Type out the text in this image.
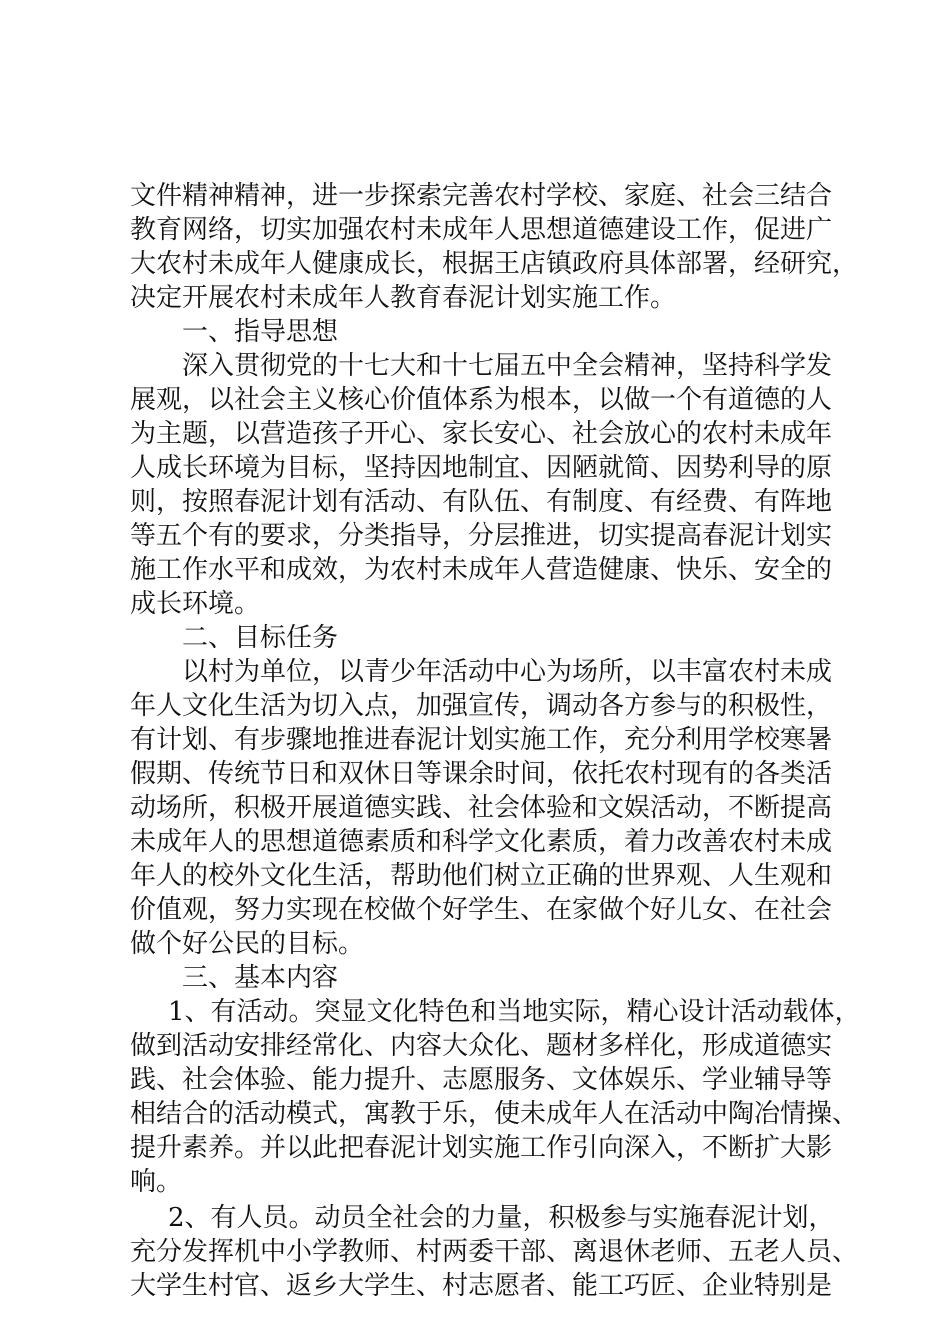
文件精神精神，进一步探索完善农村学校、家庭、社会三结合
教育网络，切实加强农村未成年人思想道德建设工作，促进广
大农村未成年人健康成长，根据王店镇政府具体部署，经研究，
决定开展农村未成年人教育春泥计划实施工作。
一、指导思想
深入贯彻党的十七大和十七届五中全会精神，坚持科学发
展观，以社会主义核心价值体系为根本，以做一个有道德的人
为主题，以营造孩子开心、家长安心、社会放心的农村未成年
人成长环境为目标，坚持因地制宜、因陋就简、因势利导的原
则，按照春泥计划有活动、有队伍、有制度、有经费、有阵地
等五个有的要求，分类指导，分层推进，切实提高春泥计划实
施工作水平和成效，为农村未成年人营造健康、快乐、安全的
成长环境。
二、目标任务
以村为单位，以青少年活动中心为场所，以丰富农村未成
年人文化生活为切入点，加强宣传，调动各方参与的积极性，
有计划、有步骤地推进春泥计划实施工作，充分利用学校寒暑
假期、传统节日和双休日等课余时间，依托农村现有的各类活
动场所，积极开展道德实践、社会体验和文娱活动，不断提高
未成年人的思想道德素质和科学文化素质，着力改善农村未成
年人的校外文化生活，帮助他们树立正确的世界观、人生观和
价值观，努力实现在校做个好学生、在家做个好儿女、在社会
做个好公民的目标。
三、基本内容
1、有活动。突显文化特色和当地实际，精心设计活动载体，
做到活动安排经常化、内容大众化、题材多样化，形成道德实
践、社会体验、能力提升、志愿服务、文体娱乐、学业辅导等
相结合的活动模式，寓教于乐，使未成年人在活动中陶冶情操、
提升素养。并以此把春泥计划实施工作引向深入，不断扩大影
响。
2、有人员。动员全社会的力量，积极参与实施春泥计划，
充分发挥机中小学教师、村两委干部、离退休老师、五老人员、
大学生村官、返乡大学生、村志愿者、能工巧匠、企业特别是
